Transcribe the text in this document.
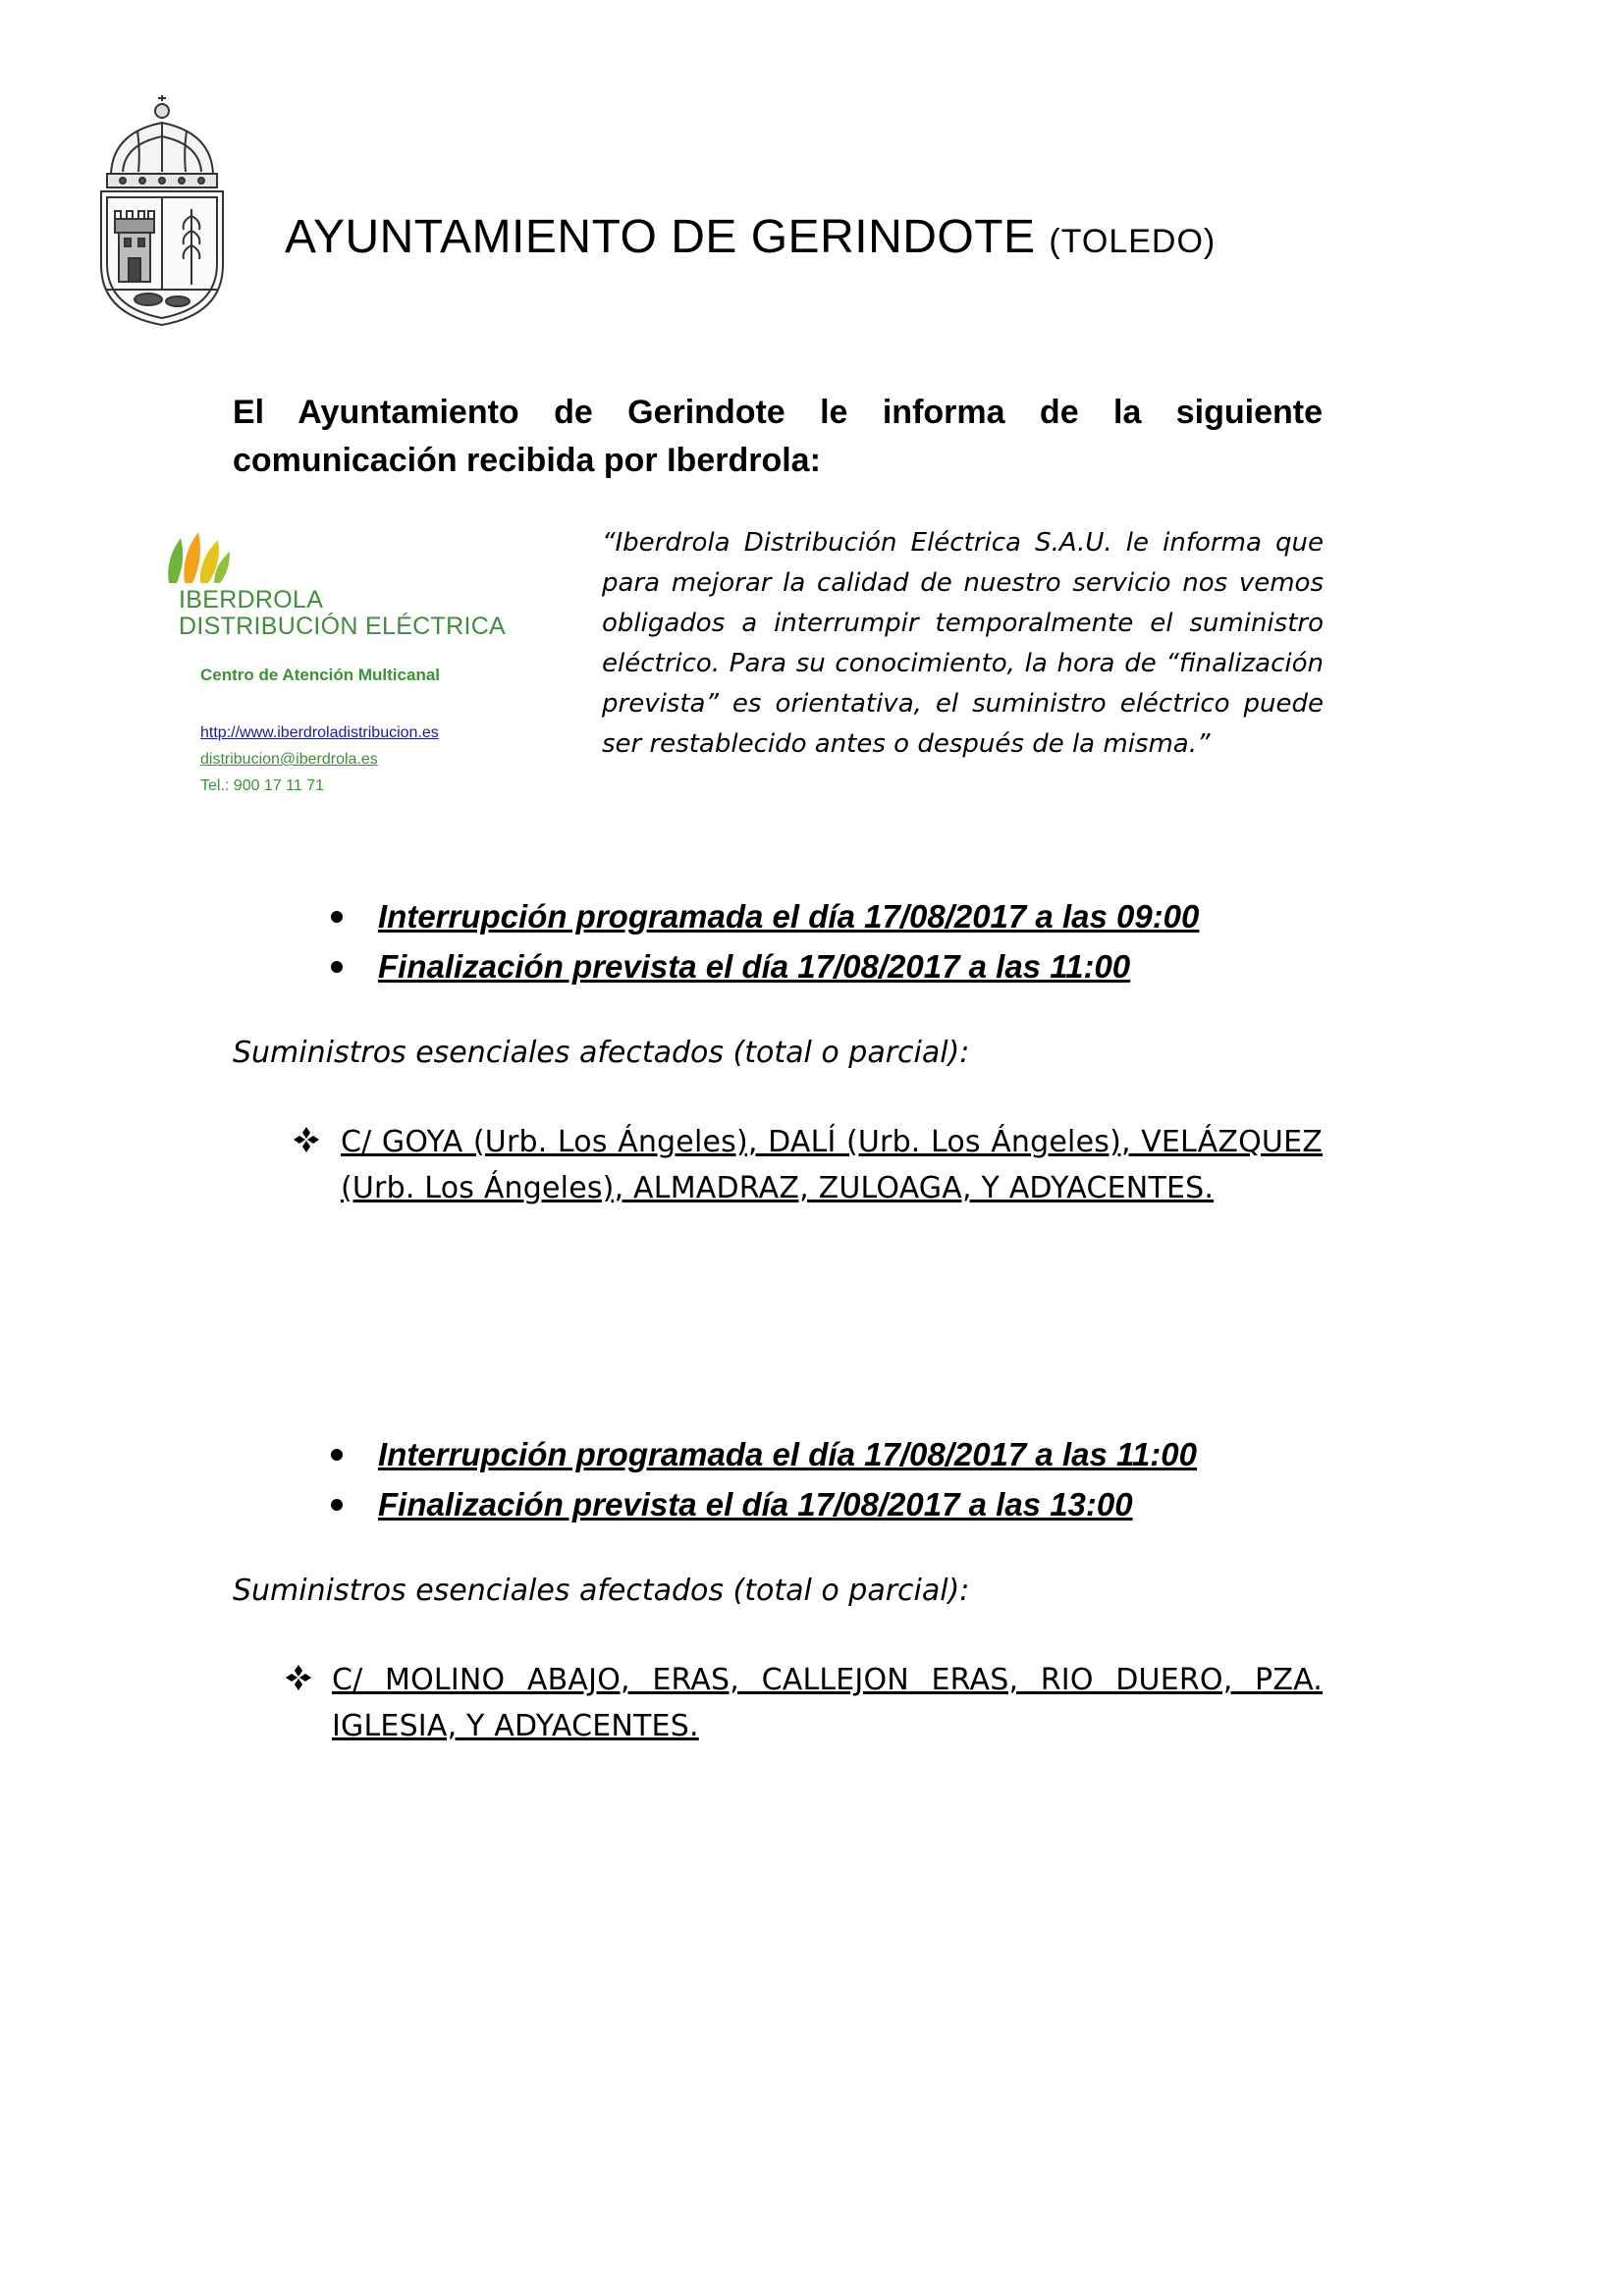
AYUNTAMIENTO DE GERINDOTE (TOLEDO)
El Ayuntamiento de Gerindote le informa de la siguiente comunicación recibida por Iberdrola:
IBERDROLA
DISTRIBUCIÓN ELÉCTRICA
Centro de Atención Multicanal
http://www.iberdroladistribucion.es
distribucion@iberdrola.es
Tel.: 900 17 11 71
“Iberdrola Distribución Eléctrica S.A.U. le informa que para mejorar la calidad de nuestro servicio nos vemos obligados a interrumpir temporalmente el suministro eléctrico. Para su conocimiento, la hora de “finalización prevista” es orientativa, el suministro eléctrico puede ser restablecido antes o después de la misma.”
Interrupción programada el día 17/08/2017 a las 09:00
Finalización prevista el día 17/08/2017 a las 11:00
Suministros esenciales afectados (total o parcial):
C/ GOYA (Urb. Los Ángeles), DALÍ (Urb. Los Ángeles), VELÁZQUEZ (Urb. Los Ángeles), ALMADRAZ, ZULOAGA, Y ADYACENTES.
Interrupción programada el día 17/08/2017 a las 11:00
Finalización prevista el día 17/08/2017 a las 13:00
Suministros esenciales afectados (total o parcial):
C/ MOLINO ABAJO, ERAS, CALLEJON ERAS, RIO DUERO, PZA. IGLESIA, Y ADYACENTES.
